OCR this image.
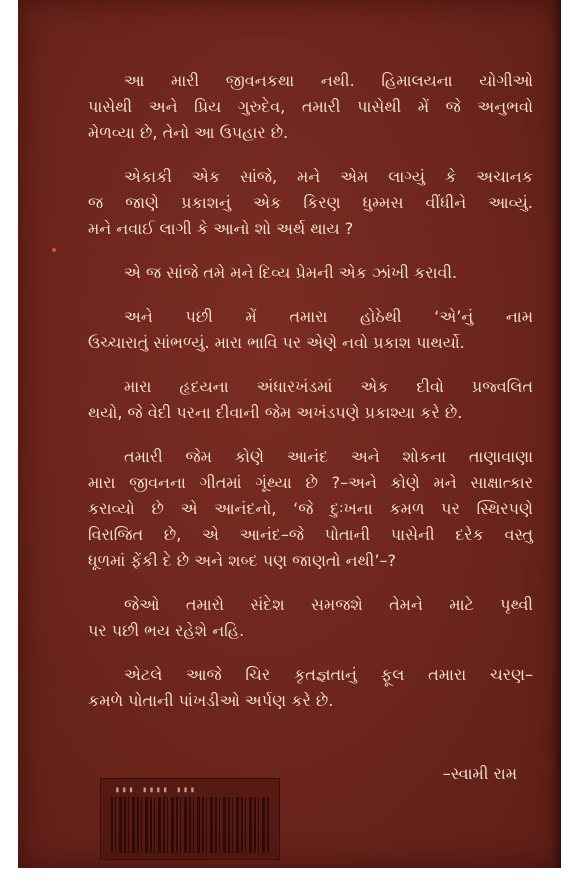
આ મારી જીવનકથા નથી. હિમાલયના યોગીઓ

પાસેથી અને પ્રિય ગુરુદેવ, તમારી પાસેથી મેં જે અનુભવો

મેળવ્યા છે, તેનો આ ઉપહાર છે.

એકાકી એક સાંજે, મને એમ લાગ્યું કે અચાનક

જ જાણે પ્રકાશનું એક કિરણ ધુમ્મસ વીંધીને આવ્યું.

મને નવાઈ લાગી કે આનો શો અર્થ થાય ?

એ જ સાંજે તમે મને દિવ્ય પ્રેમની એક ઝાંખી કરાવી.

અને પછી મેં તમારા હોઠેથી ‘એ’નું નામ

ઉચ્ચારાતું સાંભળ્યું. મારા ભાવિ પર એણે નવો પ્રકાશ પાથર્યો.

મારા હૃદયના અંધારખંડમાં એક દીવો પ્રજ્વલિત

થયો, જે વેદી પરના દીવાની જેમ અખંડપણે પ્રકાશ્યા કરે છે.

તમારી જેમ કોણે આનંદ અને શોકના તાણાવાણા

મારા જીવનના ગીતમાં ગૂંથ્યા છે ?–અને કોણે મને સાક્ષાત્કાર

કરાવ્યો છે એ આનંદનો, ‘જે દુઃખના કમળ પર સ્થિરપણે

વિરાજિત છે, એ આનંદ–જે પોતાની પાસેની દરેક વસ્તુ

ધૂળમાં ફેંકી દે છે અને શબ્દ પણ જાણતો નથી’–?

જેઓ તમારો સંદેશ સમજશે તેમને માટે પૃથ્વી

પર પછી ભય રહેશે નહિ.

એટલે આજે ચિર કૃતજ્ઞતાનું ફૂલ તમારા ચરણ–

કમળે પોતાની પાંખડીઓ અર્પણ કરે છે.

–સ્વામી રામ
▮▮▮ ▮▮▮▮ ▮▮▮
